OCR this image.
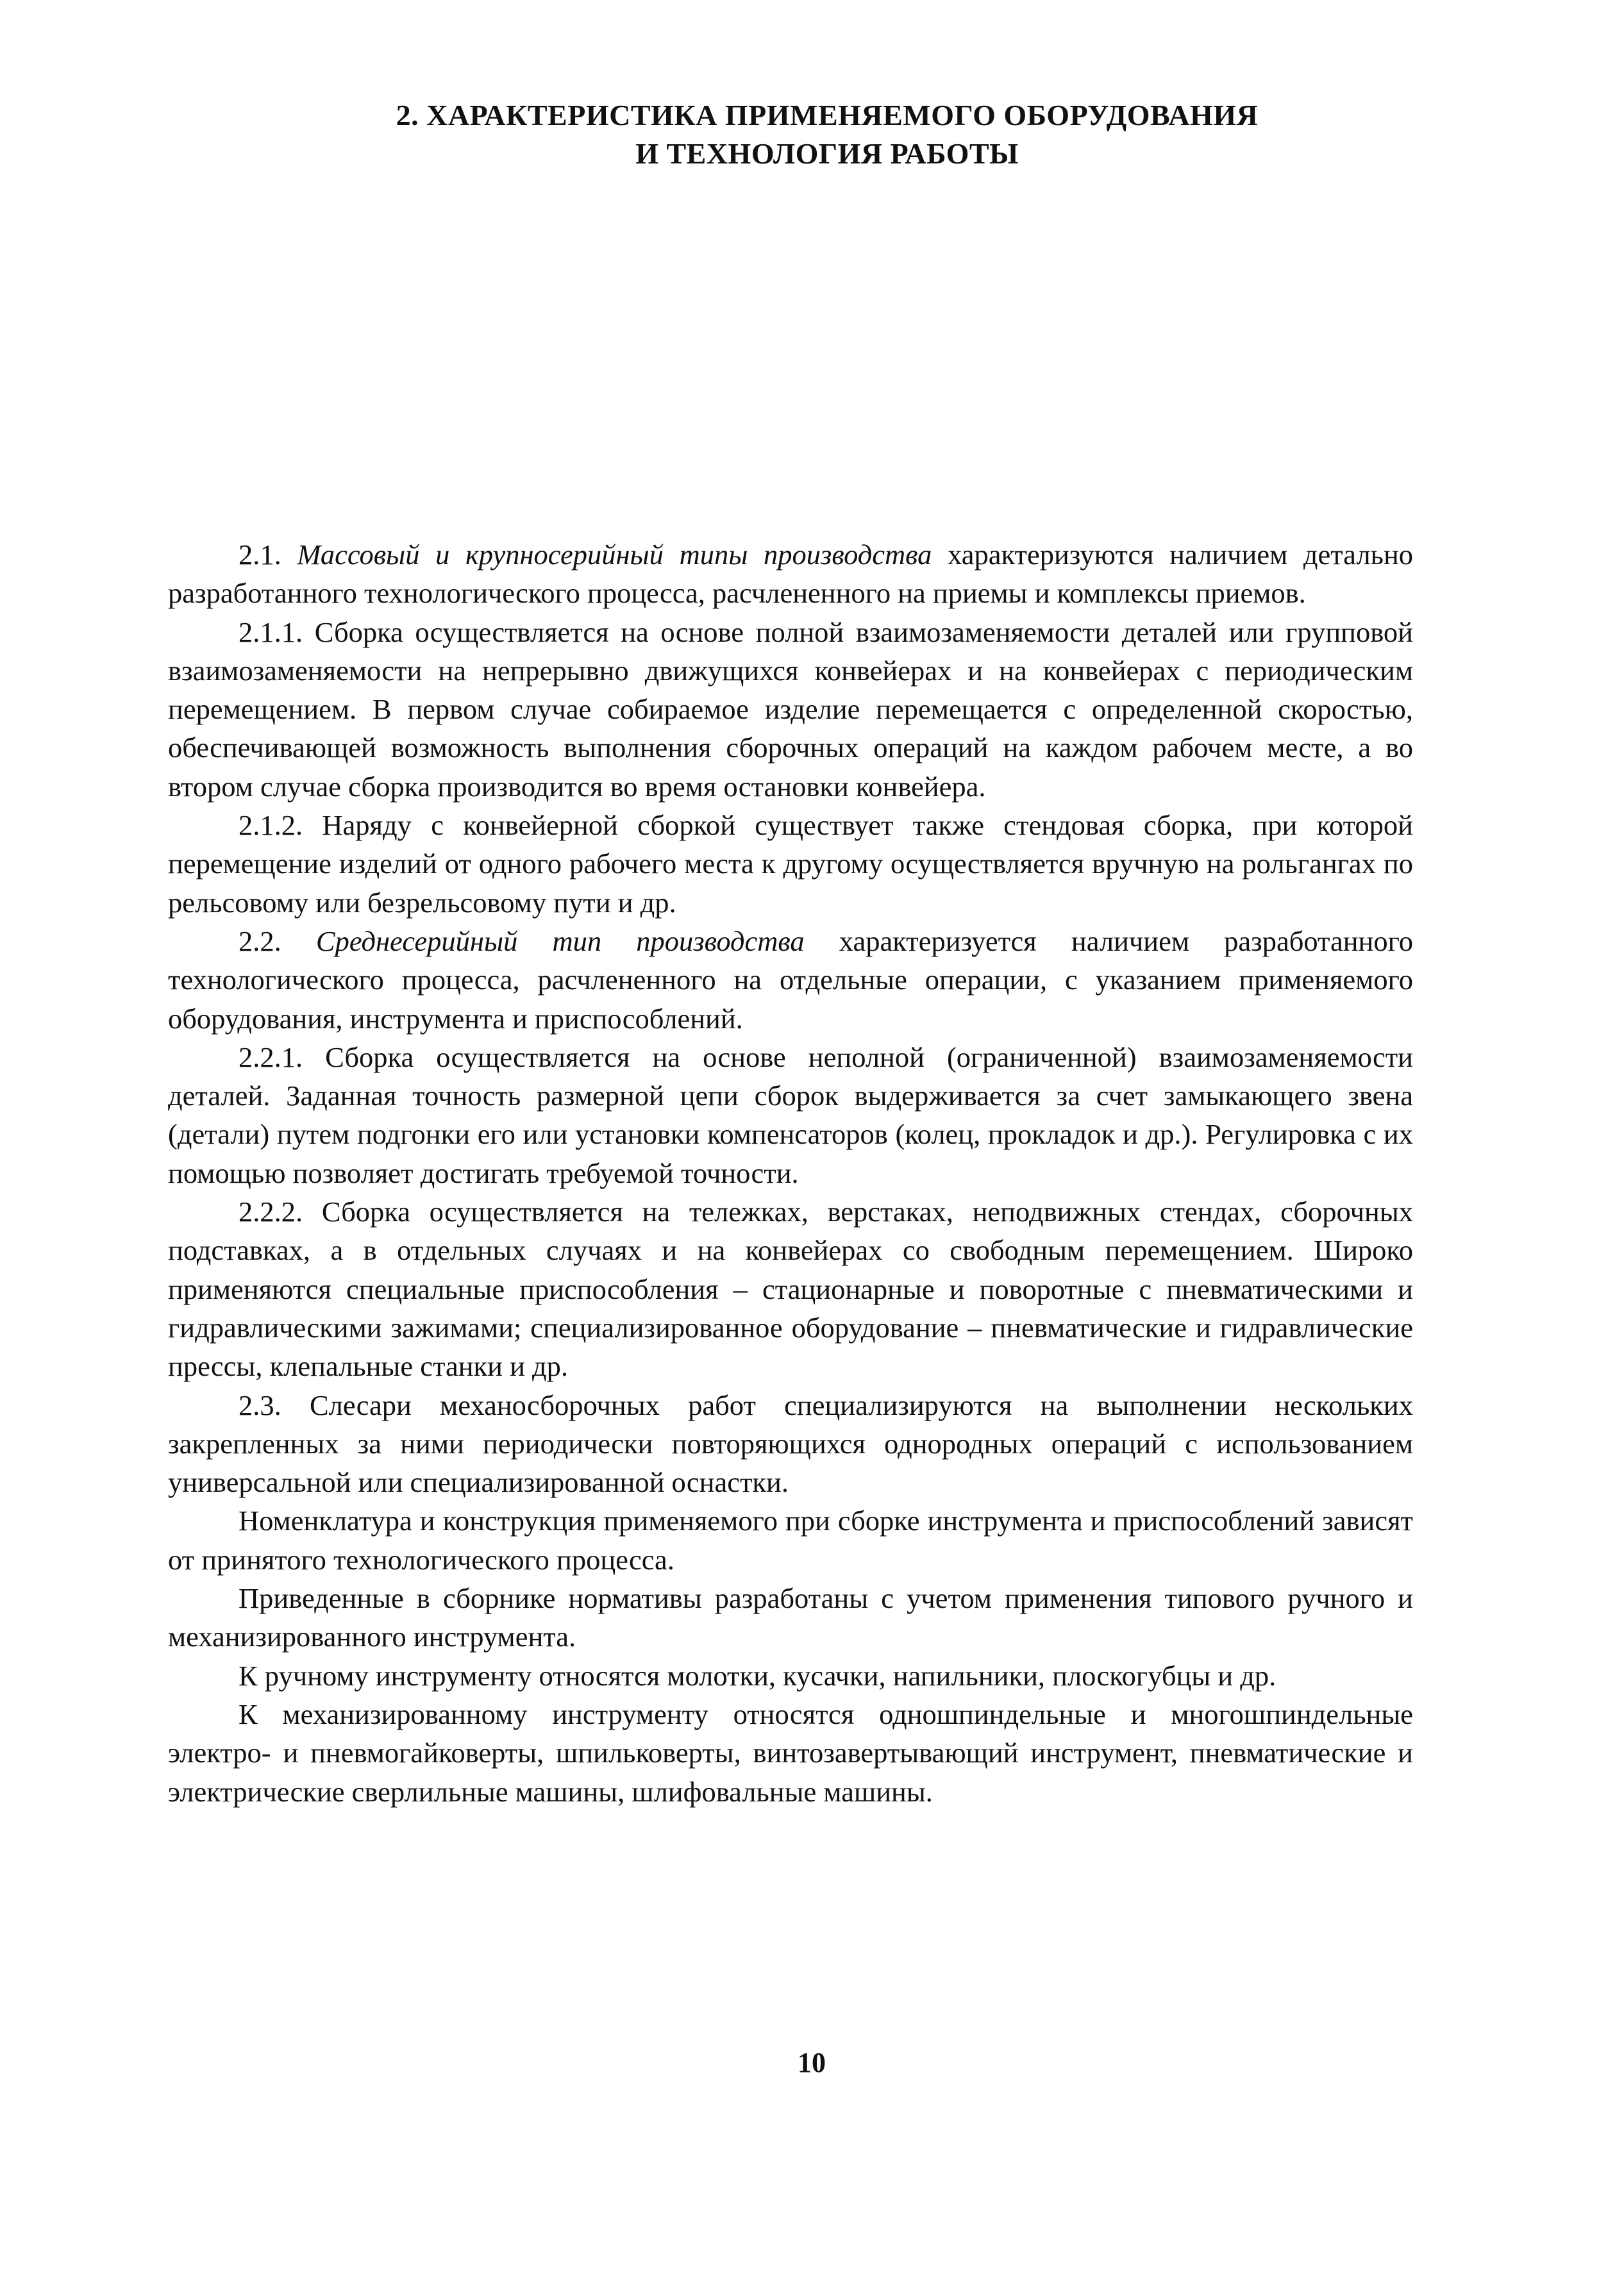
2. ХАРАКТЕРИСТИКА ПРИМЕНЯЕМОГО ОБОРУДОВАНИЯ
И ТЕХНОЛОГИЯ РАБОТЫ

2.1. Массовый и крупносерийный типы производства характеризуются наличием детально разработанного технологического процесса, расчлененного на приемы и комплексы приемов.

2.1.1. Сборка осуществляется на основе полной взаимозаменяемости деталей или групповой взаимозаменяемости на непрерывно движущихся конвейерах и на конвейерах с периодическим перемещением. В первом случае собираемое изделие перемещается с определенной скоростью, обеспечивающей возможность выполнения сборочных операций на каждом рабочем месте, а во втором случае сборка производится во время остановки конвейера.

2.1.2. Наряду с конвейерной сборкой существует также стендовая сборка, при которой перемещение изделий от одного рабочего места к другому осуществляется вручную на рольгангах по рельсовому или безрельсовому пути и др.

2.2. Среднесерийный тип производства характеризуется наличием разработанного технологического процесса, расчлененного на отдельные операции, с указанием применяемого оборудования, инструмента и приспособлений.

2.2.1. Сборка осуществляется на основе неполной (ограниченной) взаимозаменяемости деталей. Заданная точность размерной цепи сборок выдерживается за счет замыкающего звена (детали) путем подгонки его или установки компенсаторов (колец, прокладок и др.). Регулировка с их помощью позволяет достигать требуемой точности.

2.2.2. Сборка осуществляется на тележках, верстаках, неподвижных стендах, сборочных подставках, а в отдельных случаях и на конвейерах со свободным перемещением. Широко применяются специальные приспособления – стационарные и поворотные с пневматическими и гидравлическими зажимами; специализированное оборудование – пневматические и гидравлические прессы, клепальные станки и др.

2.3. Слесари механосборочных работ специализируются на выполнении нескольких закрепленных за ними периодически повторяющихся однородных операций с использованием универсальной или специализированной оснастки.

Номенклатура и конструкция применяемого при сборке инструмента и приспособлений зависят от принятого технологического процесса.

Приведенные в сборнике нормативы разработаны с учетом применения типового ручного и механизированного инструмента.

К ручному инструменту относятся молотки, кусачки, напильники, плоскогубцы и др.

К механизированному инструменту относятся одношпиндельные и многошпиндельные электро- и пневмогайковерты, шпильковерты, винтозавертывающий инструмент, пневматические и электрические сверлильные машины, шлифовальные машины.

10
